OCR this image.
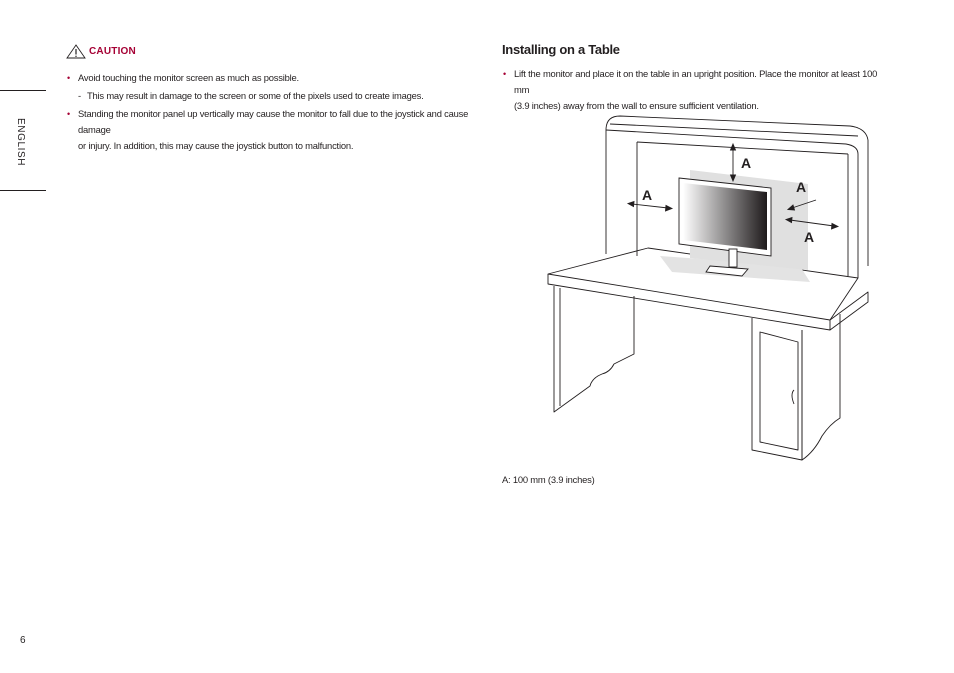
ENGLISH
6
CAUTION
• Avoid touching the monitor screen as much as possible.
- This may result in damage to the screen or some of the pixels used to create images.
• Standing the monitor panel up vertically may cause the monitor to fall due to the joystick and cause damage
or injury. In addition, this may cause the joystick button to malfunction.
Installing on a Table
• Lift the monitor and place it on the table in an upright position. Place the monitor at least 100 mm
(3.9 inches) away from the wall to ensure sufficient ventilation.
A
A	A
A
A: 100 mm (3.9 inches)
